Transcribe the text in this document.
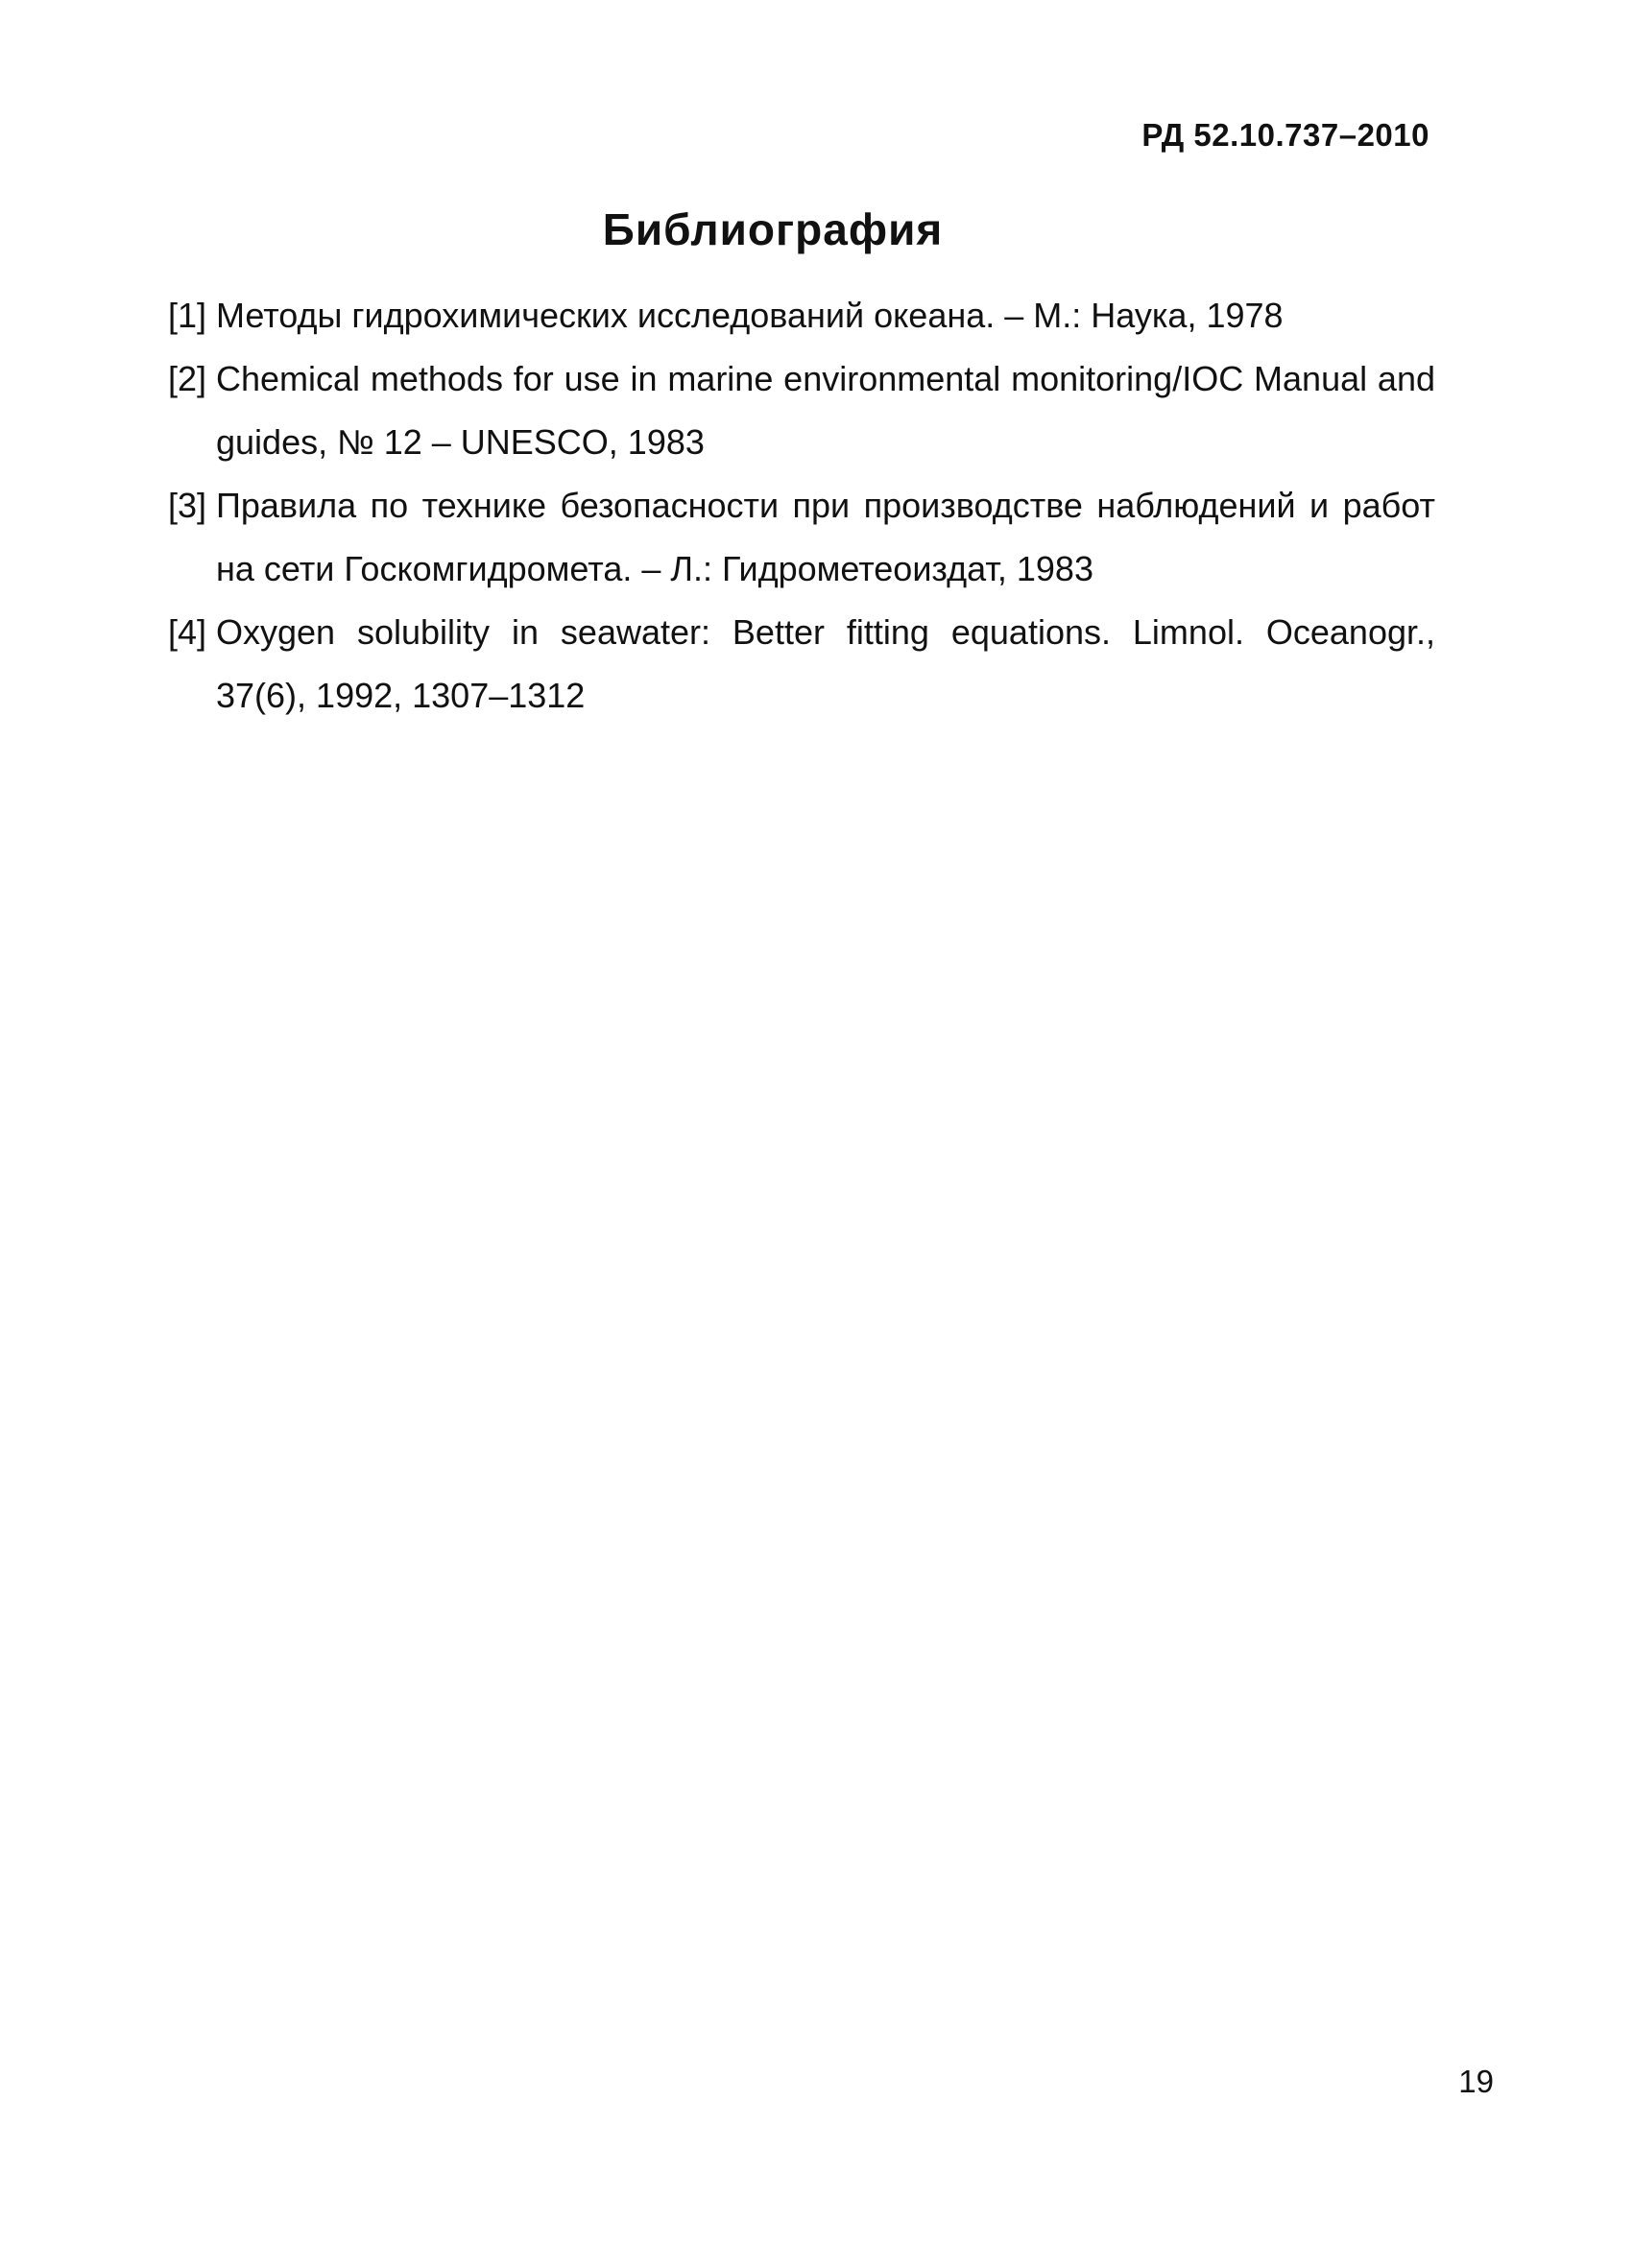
РД 52.10.737–2010
Библиография
[1] Методы гидрохимических исследований океана. – М.: Наука, 1978
[2] Chemical methods for use in marine environmental monitoring/IOC Manual and guides, № 12 – UNESCO, 1983
[3] Правила по технике безопасности при производстве наблюдений и работ на сети Госкомгидромета. – Л.: Гидрометеоиздат, 1983
[4] Oxygen solubility in seawater: Better fitting equations. Limnol. Oceanogr., 37(6), 1992, 1307–1312
19
